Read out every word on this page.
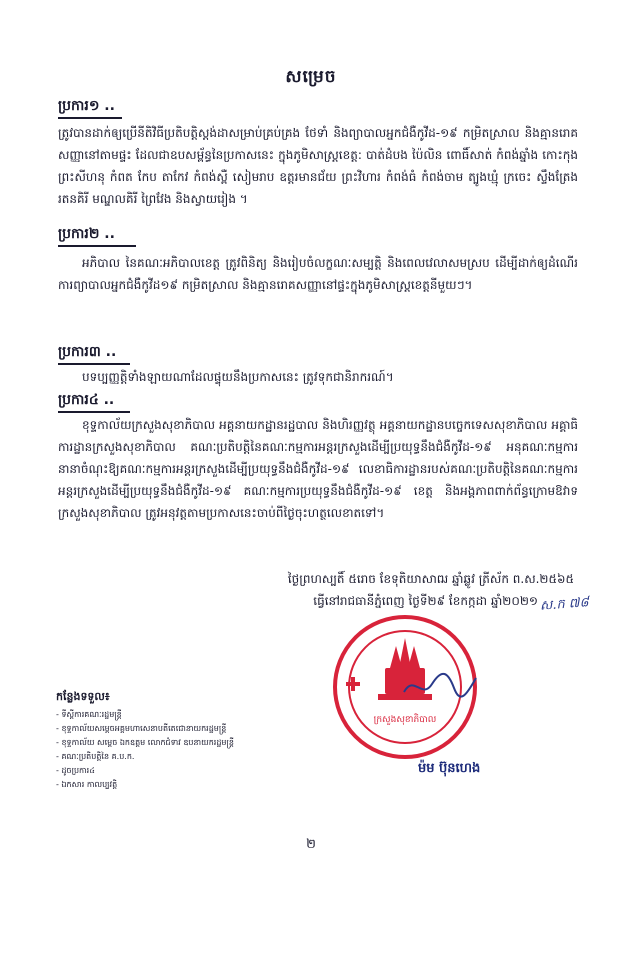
សម្រេច
ប្រការ១ ..

ត្រូវបានដាក់ឲ្យប្រើនីតិវិធីប្រតិបត្តិស្តង់ដាសម្រាប់គ្រប់គ្រង ថែទាំ និងព្យាបាលអ្នកជំងឺកូវីដ-១៩ កម្រិតស្រាល និងគ្មានរោគសញ្ញានៅតាមផ្ទះ ដែលជាឧបសម្ព័ន្ធនៃប្រកាសនេះ ក្នុងភូមិសាស្ត្រខេត្ត: បាត់ដំបង ប៉ៃលិន ពោធិ៍សាត់ កំពង់ឆ្នាំង កោះកុង ព្រះសីហនុ កំពត កែប តាកែវ កំពង់ស្ពឺ សៀមរាប ឧត្តរមានជ័យ ព្រះវិហារ កំពង់ធំ កំពង់ចាម ត្បូងឃ្មុំ ក្រចេះ ស្ទឹងត្រែង រតនគិរី មណ្ឌលគិរី ព្រៃវែង និងស្វាយរៀង ។

ប្រការ២ ..

អភិបាល នៃគណៈអភិបាលខេត្ត ត្រូវពិនិត្យ និងរៀបចំលក្ខណៈសម្បត្តិ និងពេលវេលាសមស្រប ដើម្បីដាក់ឲ្យដំណើរការព្យាបាលអ្នកជំងឺកូវីដ១៩ កម្រិតស្រាល និងគ្មានរោគសញ្ញានៅផ្ទះក្នុងភូមិសាស្ត្រខេត្តនីមួយៗ។

ប្រការ៣ ..

បទប្បញ្ញត្តិទាំងឡាយណាដែលផ្ទុយនឹងប្រកាសនេះ ត្រូវទុកជានិរាករណ៍។

ប្រការ៤ ..

ខុទ្ទកាល័យក្រសួងសុខាភិបាល អគ្គនាយកដ្ឋានរដ្ឋបាល និងហិរញ្ញវត្ថុ អគ្គនាយកដ្ឋានបច្ចេកទេសសុខាភិបាល អគ្គាធិការដ្ឋានក្រសួងសុខាភិបាល គណៈប្រតិបត្តិនៃគណៈកម្មការអន្តរក្រសួងដើម្បីប្រយុទ្ធនឹងជំងឺកូវីដ-១៩ អនុគណៈកម្មការនានាចំណុះឱ្យគណៈកម្មការអន្តរក្រសួងដើម្បីប្រយុទ្ធនឹងជំងឺកូវីដ-១៩ លេខាធិការដ្ឋានរបស់គណៈប្រតិបត្តិនៃគណៈកម្មការអន្តរក្រសួងដើម្បីប្រយុទ្ធនឹងជំងឺកូវីដ-១៩ គណៈកម្មការប្រយុទ្ធនឹងជំងឺកូវីដ-១៩ ខេត្ត និងអង្គភាពពាក់ព័ន្ធក្រោមឱវាទក្រសួងសុខាភិបាល ត្រូវអនុវត្តតាមប្រកាសនេះចាប់ពីថ្ងៃចុះហត្ថលេខាតទៅ។

ថ្ងៃព្រហស្បតិ៍ ៥រោច ខែទុតិយាសាឍ ឆ្នាំឆ្លូវ ត្រីស័ក ព.ស.២៥៦៥

ធ្វើនៅរាជធានីភ្នំពេញ ថ្ងៃទី២៩ ខែកក្កដា ឆ្នាំ២០២១ ស.ក ៧៨
ក្រសួងសុខាភិបាល
ម៉ម ប៊ុនហេង
កន្លែងទទួល៖
- ទីស្តីការគណៈរដ្ឋមន្ត្រី
- ខុទ្ទកាល័យសម្តេចអគ្គមហាសេនាបតីតេជោនាយករដ្ឋមន្ត្រី
- ខុទ្ទកាល័យ សម្តេច ឯកឧត្តម លោកជំទាវ ឧបនាយករដ្ឋមន្ត្រី
- គណៈប្រតិបត្តិនៃ គ.ប.ក.
- ដូចប្រការ៤
- ឯកសារ កាលប្បវត្តិ
២
